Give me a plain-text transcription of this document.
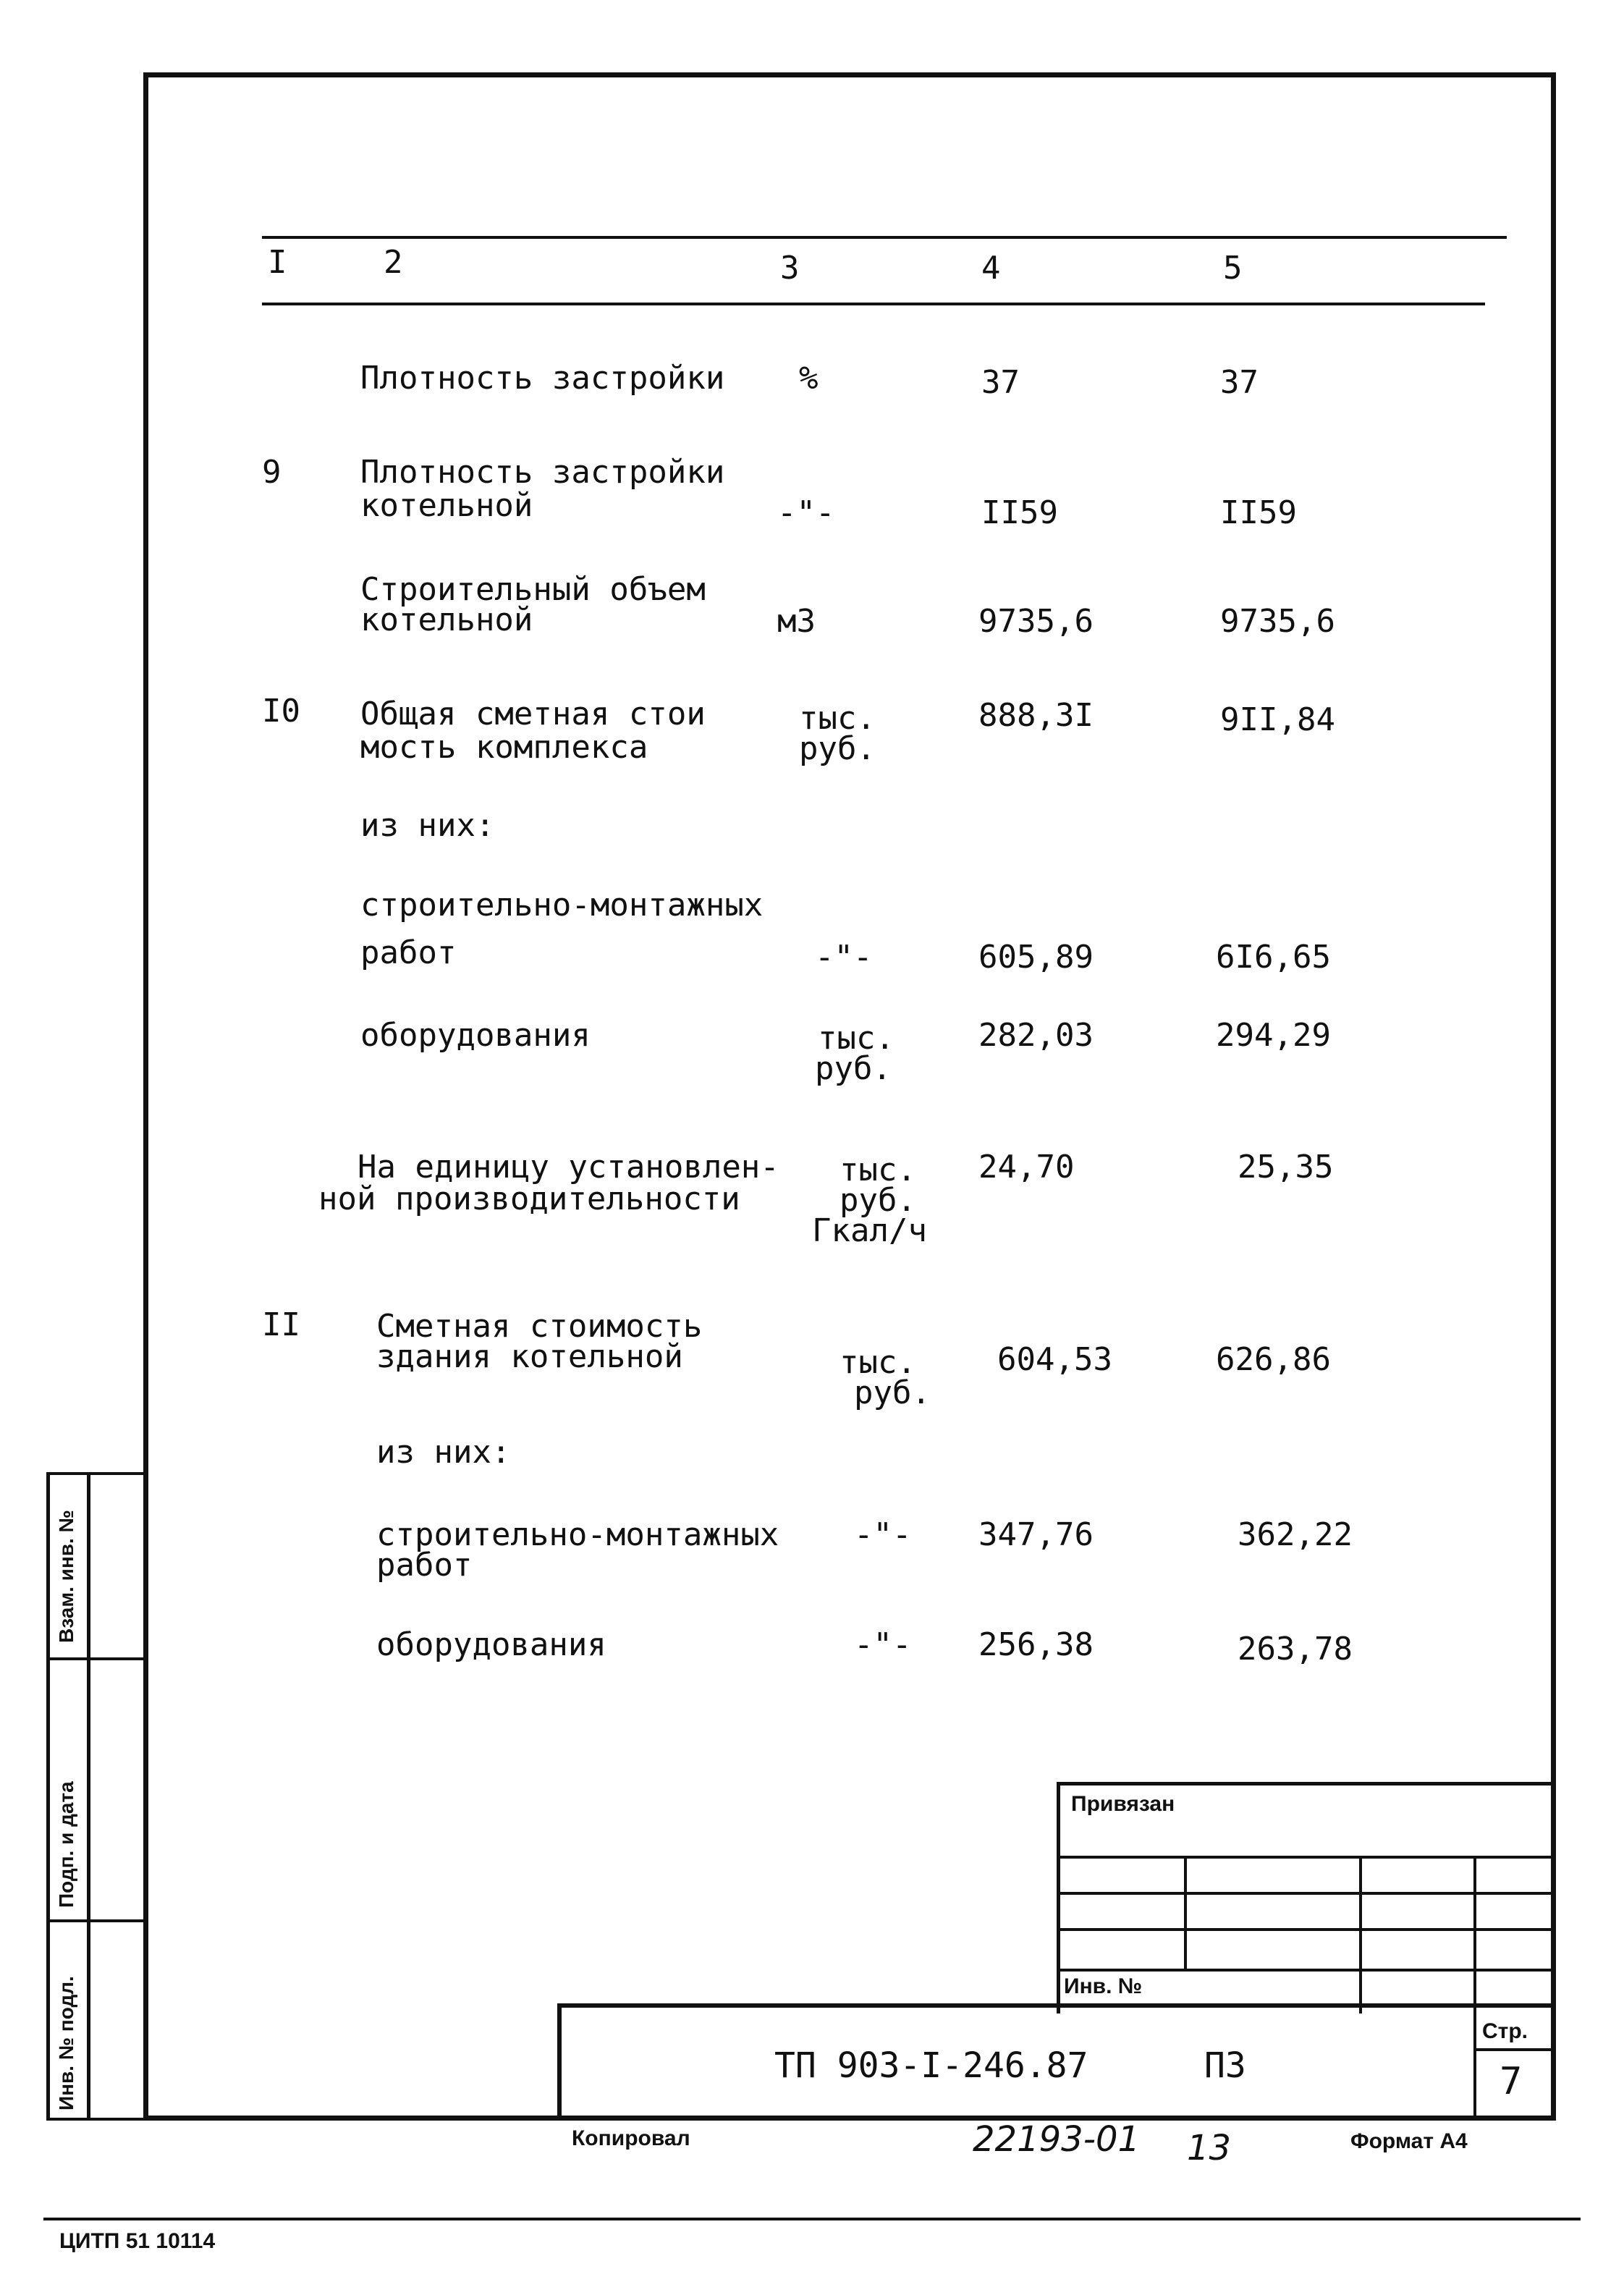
I	2	3	4	5
Плотность застройки %	37	37
9 Плотность застройки
котельной	-"-	II59	II59
Строительный объем
котельной	м3	9735,6	9735,6
I0 Общая сметная стои
мость комплекса
тыс.
руб.
888,3I	9II,84
из них:
строительно-монтажных
работ	-"-	605,89	6I6,65
оборудования	тыс.
руб.
282,03	294,29
На единицу установлен-
ной производительности
тыс.
руб.
Гкал/ч
24,70	25,35
II Сметная стоимость
здания котельной	тыс.
руб.
604,53	626,86
из них:
строительно-монтажных
работ
-"- 347,76	362,22
оборудования	-"- 256,38	263,78
Привязан
Инв. №
ТП 903-I-246.87	ПЗ
Стр.
7
Взам. инв. №
Подп. и дата
Инв. № подл.
Копировал	22193-01 13	Формат А4
ЦИТП 51 10114
